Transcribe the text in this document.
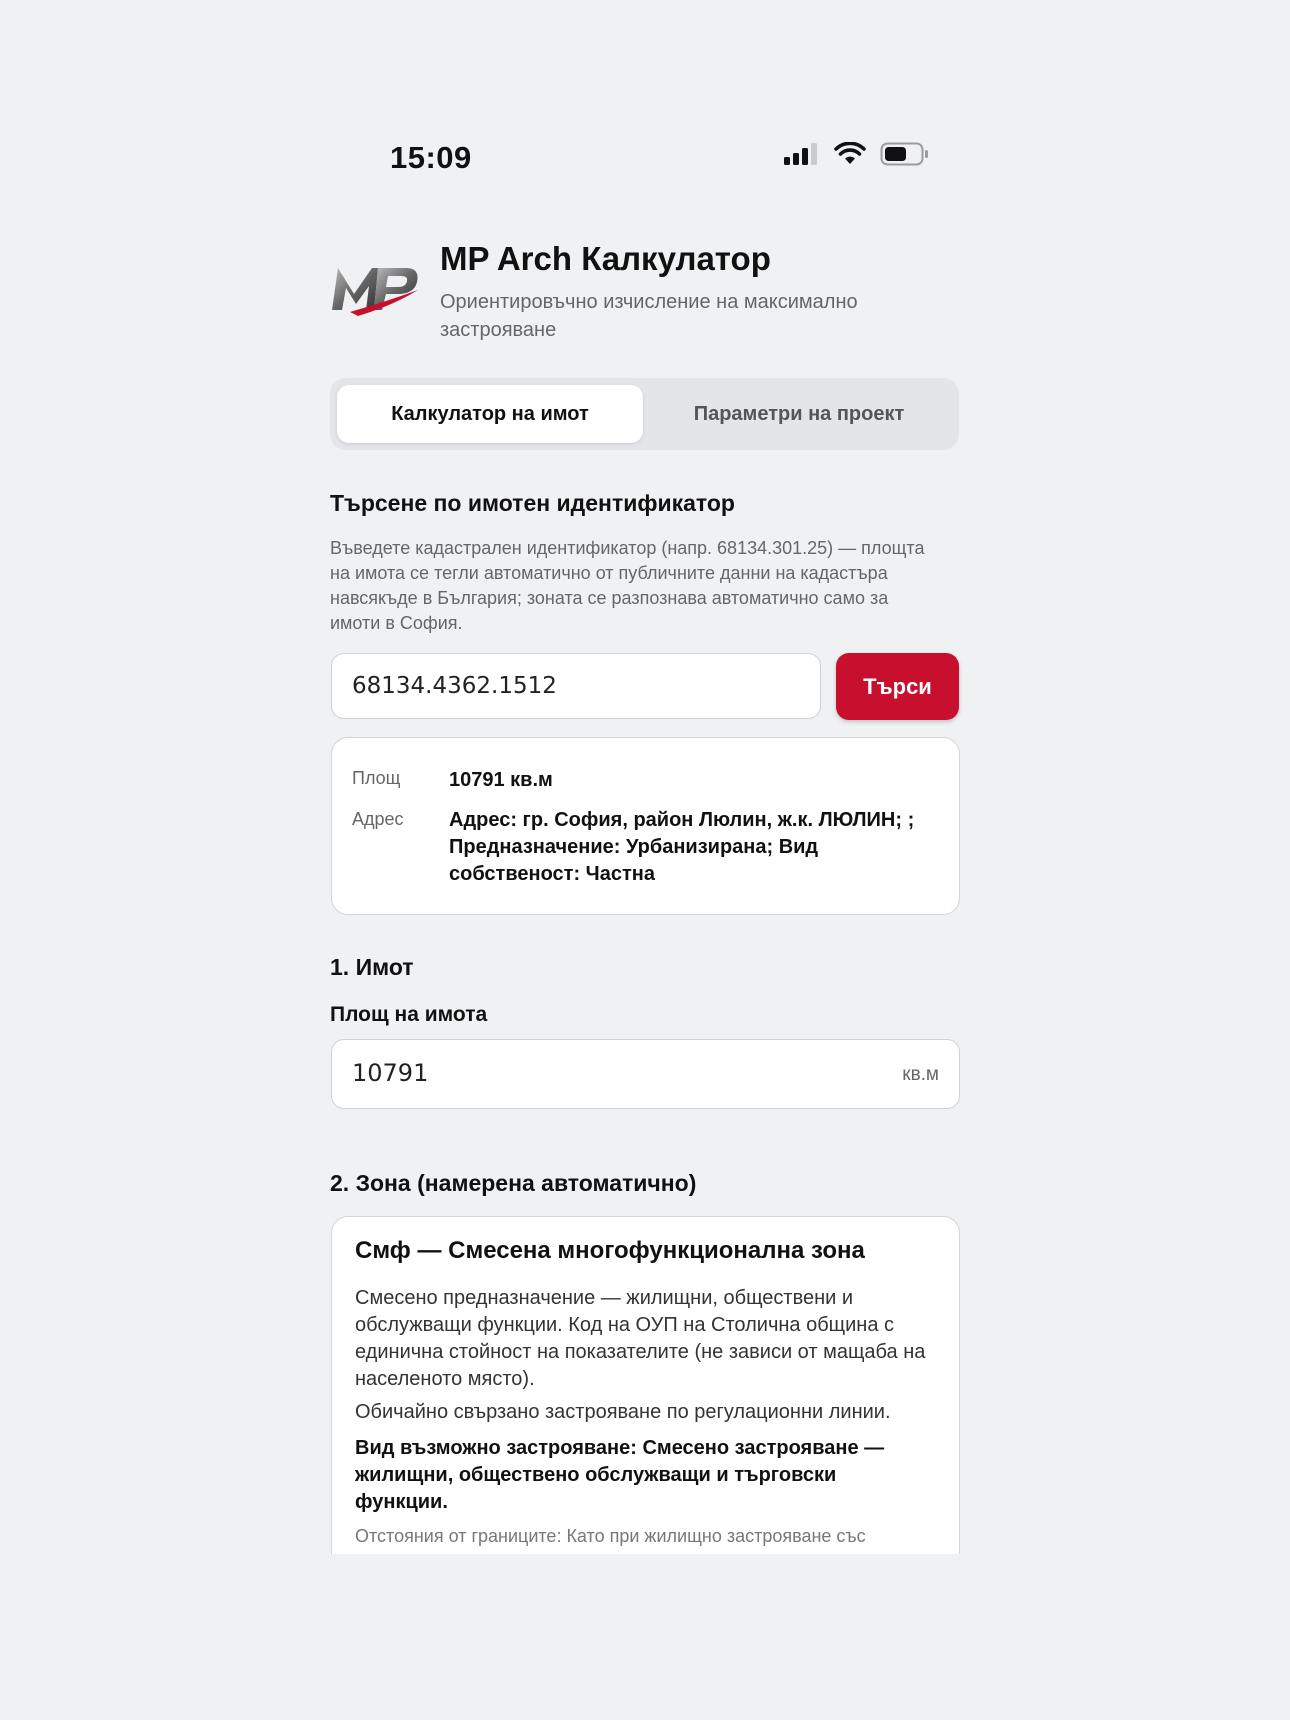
15:09
MP Arch Калкулатор
Ориентировъчно изчисление на максимално застрояване
Калкулатор на имот	Параметри на проект
Търсене по имотен идентификатор
Въведете кадастрален идентификатор (напр. 68134.301.25) — площта на имота се тегли автоматично от публичните данни на кадастъра навсякъде в България; зоната се разпознава автоматично само за имоти в София.
68134.4362.1512
Търси
Площ 10791 кв.м
Адрес Адрес: гр. София, район Люлин, ж.к. ЛЮЛИН; ; Предназначение: Урбанизирана; Вид собственост: Частна
1. Имот
Площ на имота
10791	кв.м
2. Зона (намерена автоматично)
Смф — Смесена многофункционална зона
Смесено предназначение — жилищни, обществени и обслужващи функции. Код на ОУП на Столична община с единична стойност на показателите (не зависи от мащаба на населеното място).
Обичайно свързано застрояване по регулационни линии.
Вид възможно застрояване: Смесено застрояване — жилищни, обществено обслужващи и търговски функции.
Отстояния от границите: Като при жилищно застрояване със
